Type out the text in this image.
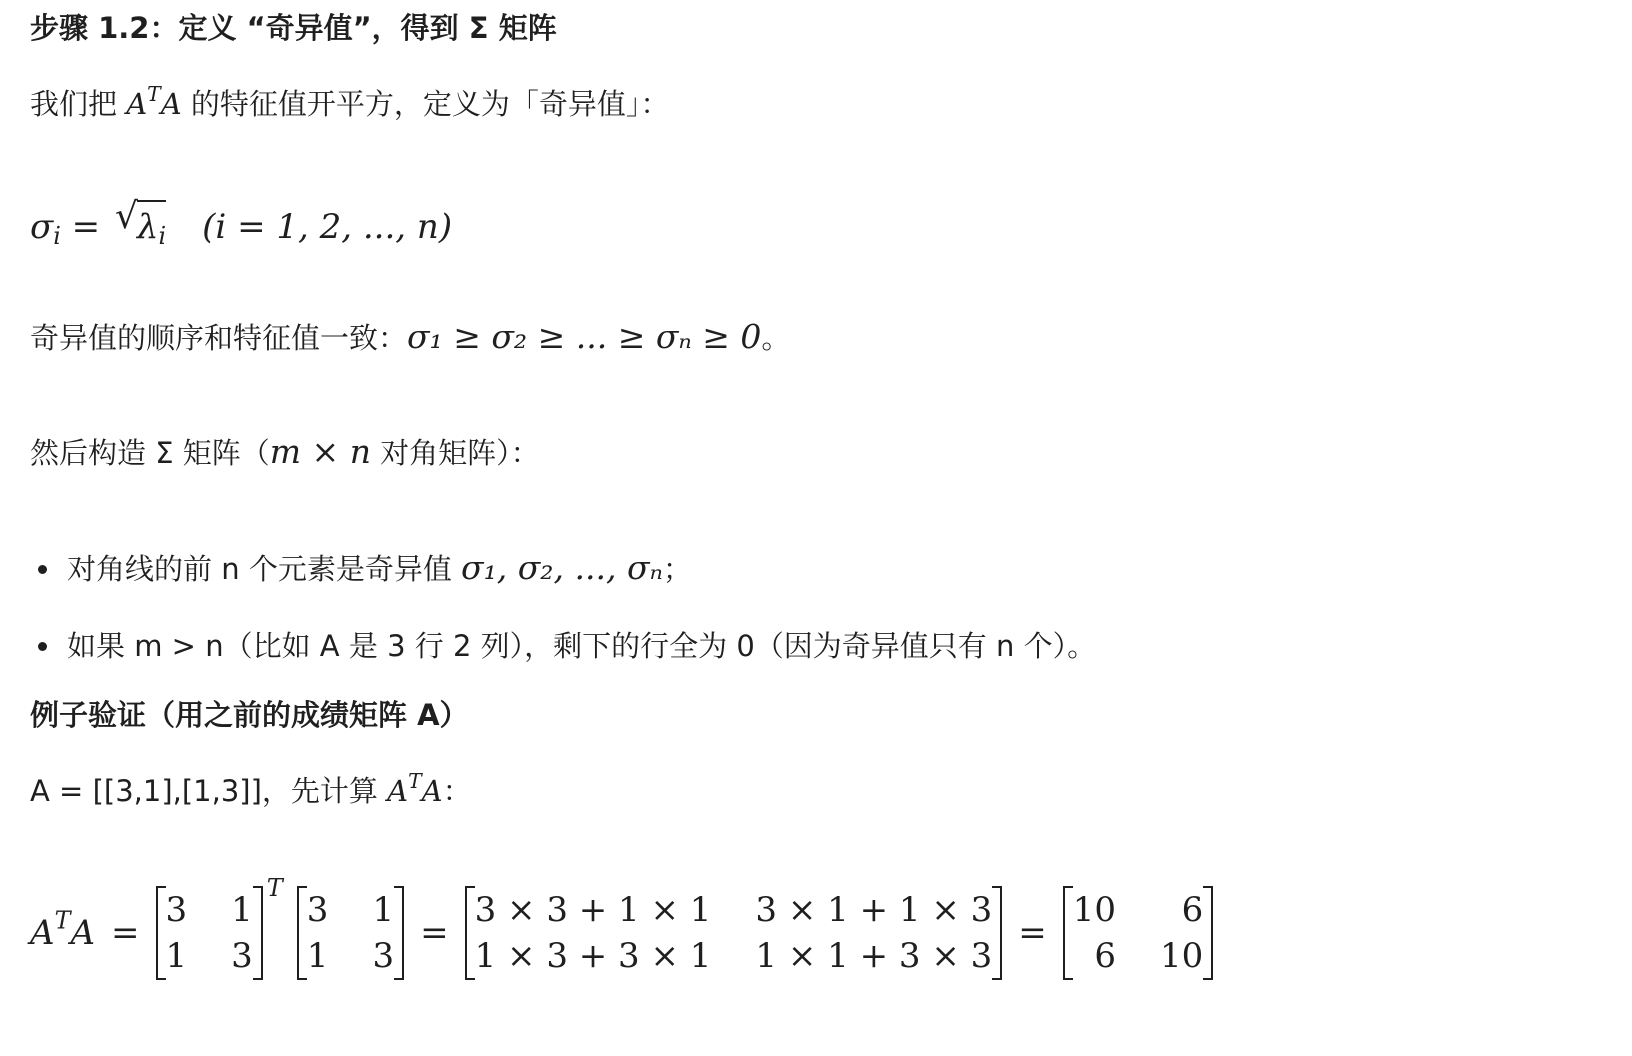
步骤 1.2：定义 “奇异值”，得到 Σ 矩阵
我们把 $A^TA$ 的特征值开平方，定义为「奇异值」：
$\sigma_i$ = √ $\lambda_i$ (i = 1, 2, ..., n)
奇异值的顺序和特征值一致：σ₁ ≥ σ₂ ≥ ... ≥ σₙ ≥ 0。
然后构造 Σ 矩阵（m × n 对角矩阵）：
对角线的前 n 个元素是奇异值 σ₁, σ₂, ..., σₙ；
如果 m > n（比如 A 是 3 行 2 列），剩下的行全为 0（因为奇异值只有 n 个）。
例子验证（用之前的成绩矩阵 A）
A = [[3,1],[1,3]]，先计算 $A^TA$：
$A^TA$ =
3 1
1 3
T
3 1
1 3
=
3 × 3 + 1 × 1 3 × 1 + 1 × 3
1 × 3 + 3 × 1 1 × 1 + 3 × 3
=
10	6
6 10
